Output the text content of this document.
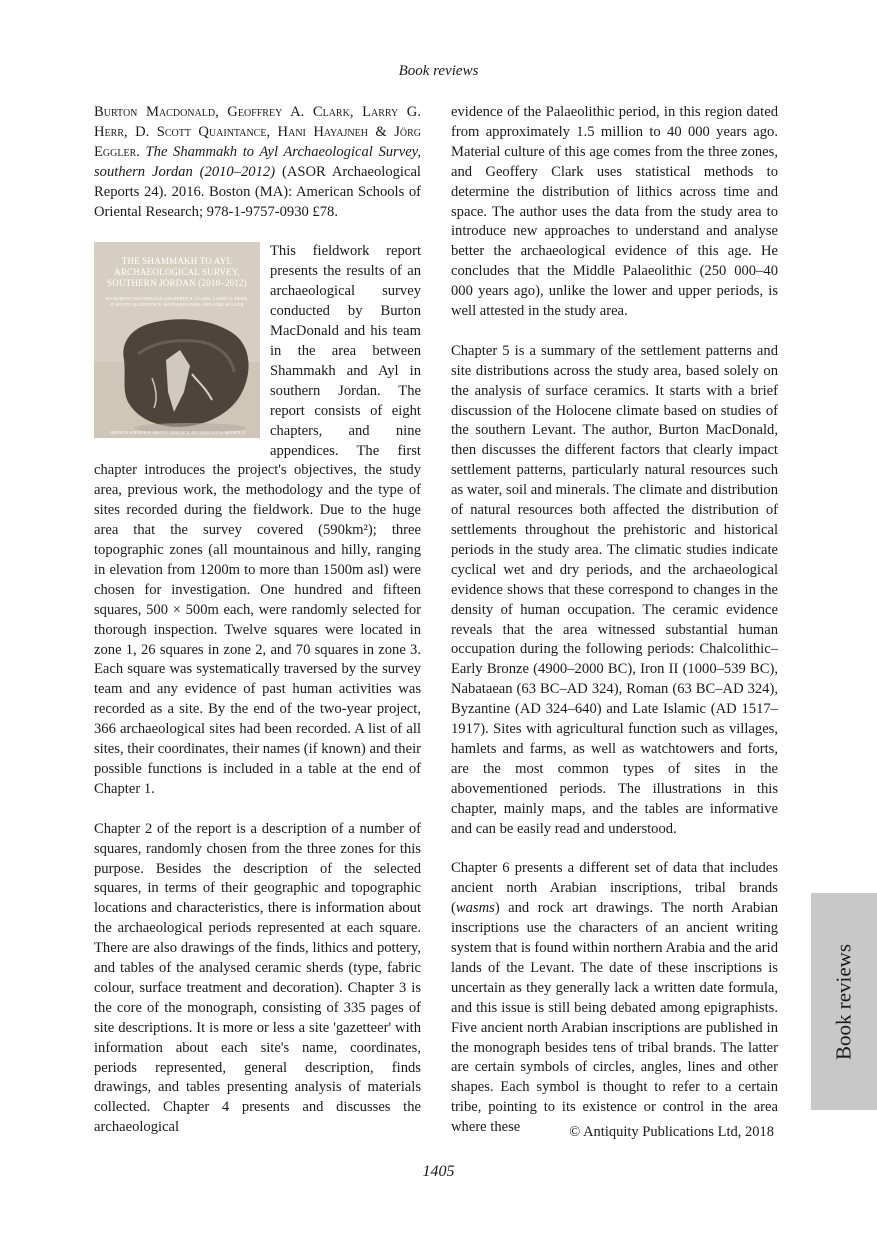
Book reviews

Burton Macdonald, Geoffrey A. Clark, Larry G. Herr, D. Scott Quaintance, Hani Hayajneh & Jörg Eggler. The Shammakh to Ayl Archaeological Survey, southern Jordan (2010–2012) (ASOR Archaeological Reports 24). 2016. Boston (MA): American Schools of Oriental Research; 978-1-9757-0930 £78.

THE SHAMMAKH TO AYL ARCHAEOLOGICAL SURVEY, SOUTHERN JORDAN (2010–2012)
BY BURTON MACDONALD, GEOFFREY A. CLARK, LARRY G. HERR, D. SCOTT QUAINTANCE, HANI HAYAJNEH, AND JÖRG EGGLER
AMERICAN SCHOOLS OF ORIENTAL RESEARCH, ARCHAEOLOGICAL REPORTS 24

This fieldwork report presents the results of an archaeological survey conducted by Burton MacDonald and his team in the area between Shammakh and Ayl in southern Jordan. The report consists of eight chapters, and nine appendices. The first chapter introduces the project's objectives, the study area, previous work, the methodology and the type of sites recorded during the fieldwork. Due to the huge area that the survey covered (590km²); three topographic zones (all mountainous and hilly, ranging in elevation from 1200m to more than 1500m asl) were chosen for investigation. One hundred and fifteen squares, 500 × 500m each, were randomly selected for thorough inspection. Twelve squares were located in zone 1, 26 squares in zone 2, and 70 squares in zone 3. Each square was systematically traversed by the survey team and any evidence of past human activities was recorded as a site. By the end of the two-year project, 366 archaeological sites had been recorded. A list of all sites, their coordinates, their names (if known) and their possible functions is included in a table at the end of Chapter 1.

Chapter 2 of the report is a description of a number of squares, randomly chosen from the three zones for this purpose. Besides the description of the selected squares, in terms of their geographic and topographic locations and characteristics, there is information about the archaeological periods represented at each square. There are also drawings of the finds, lithics and pottery, and tables of the analysed ceramic sherds (type, fabric colour, surface treatment and decoration). Chapter 3 is the core of the monograph, consisting of 335 pages of site descriptions. It is more or less a site 'gazetteer' with information about each site's name, coordinates, periods represented, general description, finds drawings, and tables presenting analysis of materials collected. Chapter 4 presents and discusses the archaeological

evidence of the Palaeolithic period, in this region dated from approximately 1.5 million to 40 000 years ago. Material culture of this age comes from the three zones, and Geoffery Clark uses statistical methods to determine the distribution of lithics across time and space. The author uses the data from the study area to introduce new approaches to understand and analyse better the archaeological evidence of this age. He concludes that the Middle Palaeolithic (250 000–40 000 years ago), unlike the lower and upper periods, is well attested in the study area.

Chapter 5 is a summary of the settlement patterns and site distributions across the study area, based solely on the analysis of surface ceramics. It starts with a brief discussion of the Holocene climate based on studies of the southern Levant. The author, Burton MacDonald, then discusses the different factors that clearly impact settlement patterns, particularly natural resources such as water, soil and minerals. The climate and distribution of natural resources both affected the distribution of settlements throughout the prehistoric and historical periods in the study area. The climatic studies indicate cyclical wet and dry periods, and the archaeological evidence shows that these correspond to changes in the density of human occupation. The ceramic evidence reveals that the area witnessed substantial human occupation during the following periods: Chalcolithic–Early Bronze (4900–2000 BC), Iron II (1000–539 BC), Nabataean (63 BC–AD 324), Roman (63 BC–AD 324), Byzantine (AD 324–640) and Late Islamic (AD 1517–1917). Sites with agricultural function such as villages, hamlets and farms, as well as watchtowers and forts, are the most common types of sites in the abovementioned periods. The illustrations in this chapter, mainly maps, and the tables are informative and can be easily read and understood.

Chapter 6 presents a different set of data that includes ancient north Arabian inscriptions, tribal brands (wasms) and rock art drawings. The north Arabian inscriptions use the characters of an ancient writing system that is found within northern Arabia and the arid lands of the Levant. The date of these inscriptions is uncertain as they generally lack a written date formula, and this issue is still being debated among epigraphists. Five ancient north Arabian inscriptions are published in the monograph besides tens of tribal brands. The latter are certain symbols of circles, angles, lines and other shapes. Each symbol is thought to refer to a certain tribe, pointing to its existence or control in the area where these

Book reviews
© Antiquity Publications Ltd, 2018
1405
